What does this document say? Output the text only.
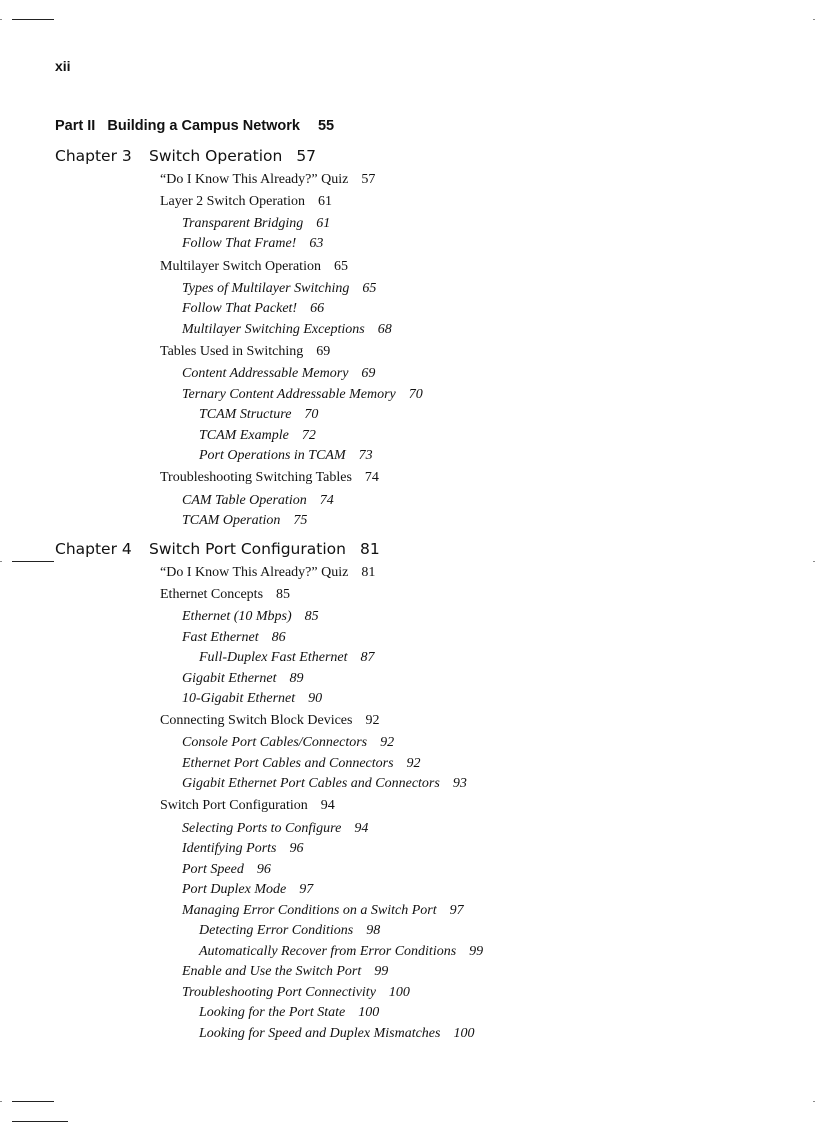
xii
Part II Building a Campus Network 55
Chapter 3 Switch Operation 57
“Do I Know This Already?” Quiz 57
Layer 2 Switch Operation 61
Transparent Bridging 61
Follow That Frame! 63
Multilayer Switch Operation 65
Types of Multilayer Switching 65
Follow That Packet! 66
Multilayer Switching Exceptions 68
Tables Used in Switching 69
Content Addressable Memory 69
Ternary Content Addressable Memory 70
TCAM Structure 70
TCAM Example 72
Port Operations in TCAM 73
Troubleshooting Switching Tables 74
CAM Table Operation 74
TCAM Operation 75
Chapter 4 Switch Port Configuration 81
“Do I Know This Already?” Quiz 81
Ethernet Concepts 85
Ethernet (10 Mbps) 85
Fast Ethernet 86
Full-Duplex Fast Ethernet 87
Gigabit Ethernet 89
10-Gigabit Ethernet 90
Connecting Switch Block Devices 92
Console Port Cables/Connectors 92
Ethernet Port Cables and Connectors 92
Gigabit Ethernet Port Cables and Connectors 93
Switch Port Configuration 94
Selecting Ports to Configure 94
Identifying Ports 96
Port Speed 96
Port Duplex Mode 97
Managing Error Conditions on a Switch Port 97
Detecting Error Conditions 98
Automatically Recover from Error Conditions 99
Enable and Use the Switch Port 99
Troubleshooting Port Connectivity 100
Looking for the Port State 100
Looking for Speed and Duplex Mismatches 100
